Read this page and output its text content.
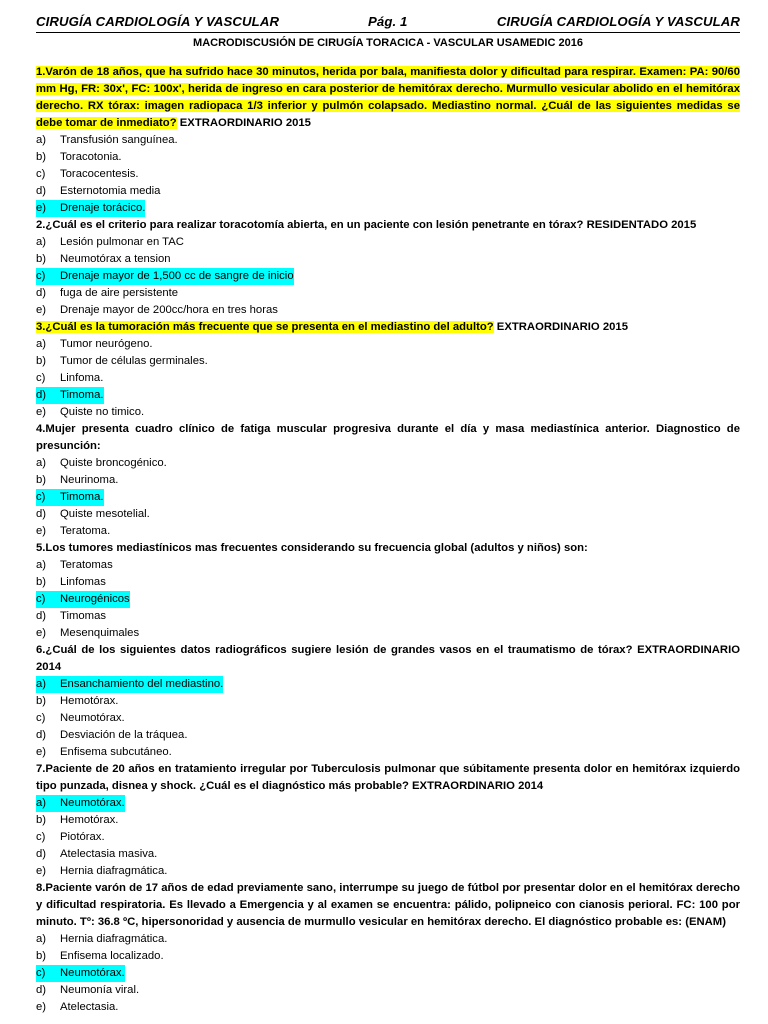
CIRUGÍA CARDIOLOGÍA Y VASCULAR	Pág. 1	CIRUGÍA CARDIOLOGÍA Y VASCULAR
MACRODISCUSIÓN DE CIRUGÍA TORACICA - VASCULAR USAMEDIC 2016
1.Varón de 18 años, que ha sufrido hace 30 minutos, herida por bala, manifiesta dolor y dificultad para respirar. Examen: PA: 90/60 mm Hg, FR: 30x', FC: 100x', herida de ingreso en cara posterior de hemitórax derecho. Murmullo vesicular abolido en el hemitórax derecho. RX tórax: imagen radiopaca 1/3 inferior y pulmón colapsado. Mediastino normal. ¿Cuál de las siguientes medidas se debe tomar de inmediato? EXTRAORDINARIO 2015
a)	Transfusión sanguínea.
b)	Toracotonia.
c)	Toracocentesis.
d)	Esternotomia media
e)	Drenaje torácico.
2.¿Cuál es el criterio para realizar toracotomía abierta, en un paciente con lesión penetrante en tórax? RESIDENTADO 2015
a)	Lesión pulmonar en TAC
b)	Neumotórax a tension
c)	Drenaje mayor de 1,500 cc de sangre de inicio
d)	fuga de aire persistente
e)	Drenaje mayor de 200cc/hora en tres horas
3.¿Cuál es la tumoración más frecuente que se presenta en el mediastino del adulto? EXTRAORDINARIO 2015
a)	Tumor neurógeno.
b)	Tumor de células germinales.
c)	Linfoma.
d)	Timoma.
e)	Quiste no timico.
4.Mujer presenta cuadro clínico de fatiga muscular progresiva durante el día y masa mediastínica anterior. Diagnostico de presunción:
a)	Quiste broncogénico.
b)	Neurinoma.
c)	Timoma.
d)	Quiste mesotelial.
e)	Teratoma.
5.Los tumores mediastínicos mas frecuentes considerando su frecuencia global (adultos y niños) son:
a)	Teratomas
b)	Linfomas
c)	Neurogénicos
d)	Timomas
e)	Mesenquimales
6.¿Cuál de los siguientes datos radiográficos sugiere lesión de grandes vasos en el traumatismo de tórax? EXTRAORDINARIO 2014
a)	Ensanchamiento del mediastino.
b)	Hemotórax.
c)	Neumotórax.
d)	Desviación de la tráquea.
e)	Enfisema subcutáneo.
7.Paciente de 20 años en tratamiento irregular por Tuberculosis pulmonar que súbitamente presenta dolor en hemitórax izquierdo tipo punzada, disnea y shock. ¿Cuál es el diagnóstico más probable? EXTRAORDINARIO 2014
a)	Neumotórax.
b)	Hemotórax.
c)	Piotórax.
d)	Atelectasia masiva.
e)	Hernia diafragmática.
8.Paciente varón de 17 años de edad previamente sano, interrumpe su juego de fútbol por presentar dolor en el hemitórax derecho y dificultad respiratoria. Es llevado a Emergencia y al examen se encuentra: pálido, polipneico con cianosis perioral. FC: 100 por minuto. Tº: 36.8 ºC, hipersonoridad y ausencia de murmullo vesicular en hemitórax derecho. El diagnóstico probable es: (ENAM)
a)	Hernia diafragmática.
b)	Enfisema localizado.
c)	Neumotórax.
d)	Neumonía viral.
e)	Atelectasia.
